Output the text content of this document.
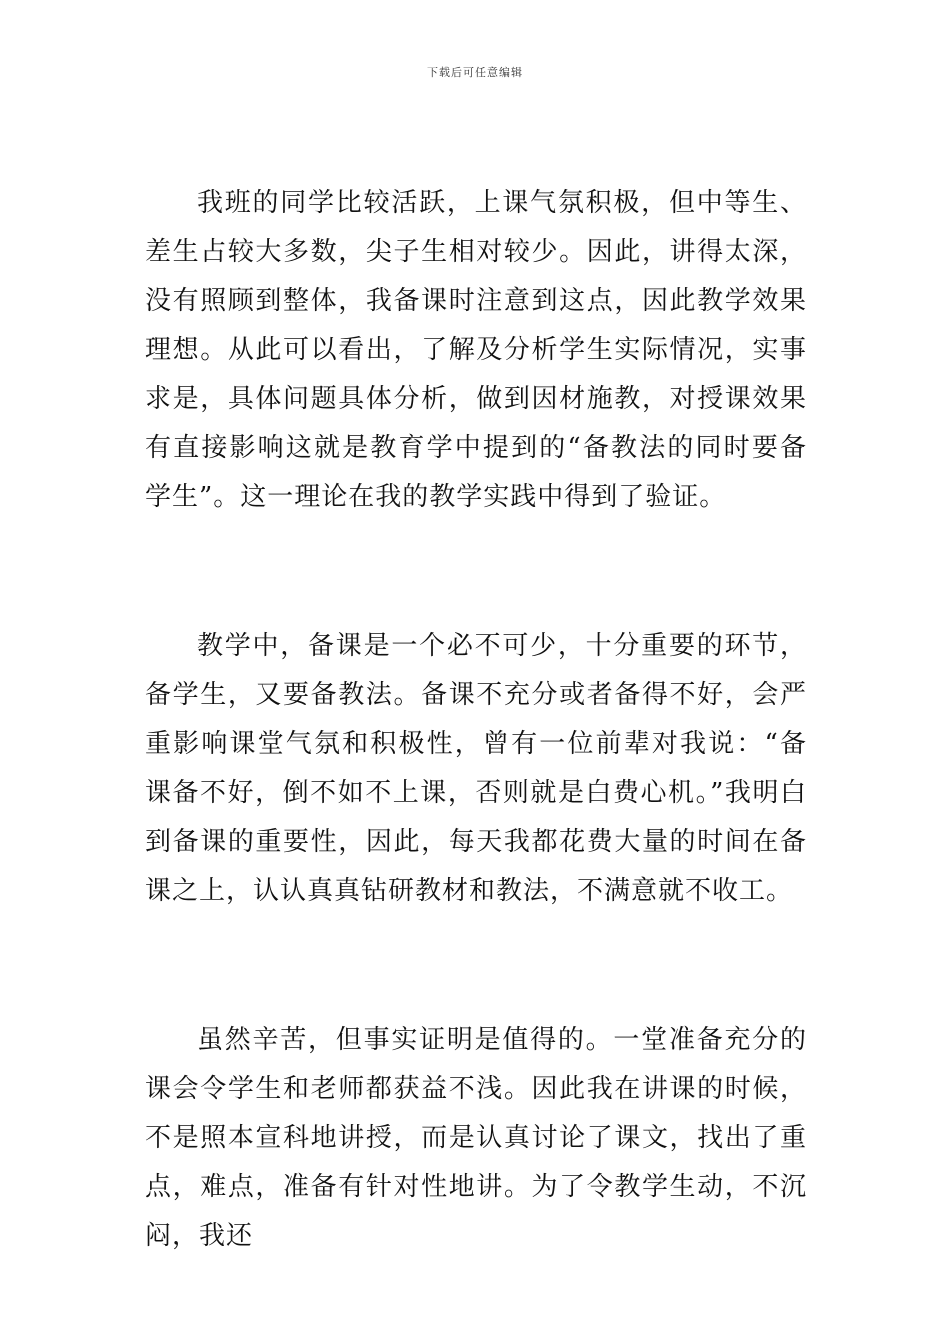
下载后可任意编辑

我班的同学比较活跃，上课气氛积极，但中等生、差生占较大多数，尖子生相对较少。因此，讲得太深，没有照顾到整体，我备课时注意到这点，因此教学效果理想。从此可以看出，了解及分析学生实际情况，实事求是，具体问题具体分析，做到因材施教，对授课效果有直接影响这就是教育学中提到的“备教法的同时要备学生”。这一理论在我的教学实践中得到了验证。

教学中，备课是一个必不可少，十分重要的环节，备学生，又要备教法。备课不充分或者备得不好，会严重影响课堂气氛和积极性，曾有一位前辈对我说：“备课备不好，倒不如不上课，否则就是白费心机。”我明白到备课的重要性，因此，每天我都花费大量的时间在备课之上，认认真真钻研教材和教法，不满意就不收工。

虽然辛苦，但事实证明是值得的。一堂准备充分的课会令学生和老师都获益不浅。因此我在讲课的时候，不是照本宣科地讲授，而是认真讨论了课文，找出了重点，难点，准备有针对性地讲。为了令教学生动，不沉闷，我还
